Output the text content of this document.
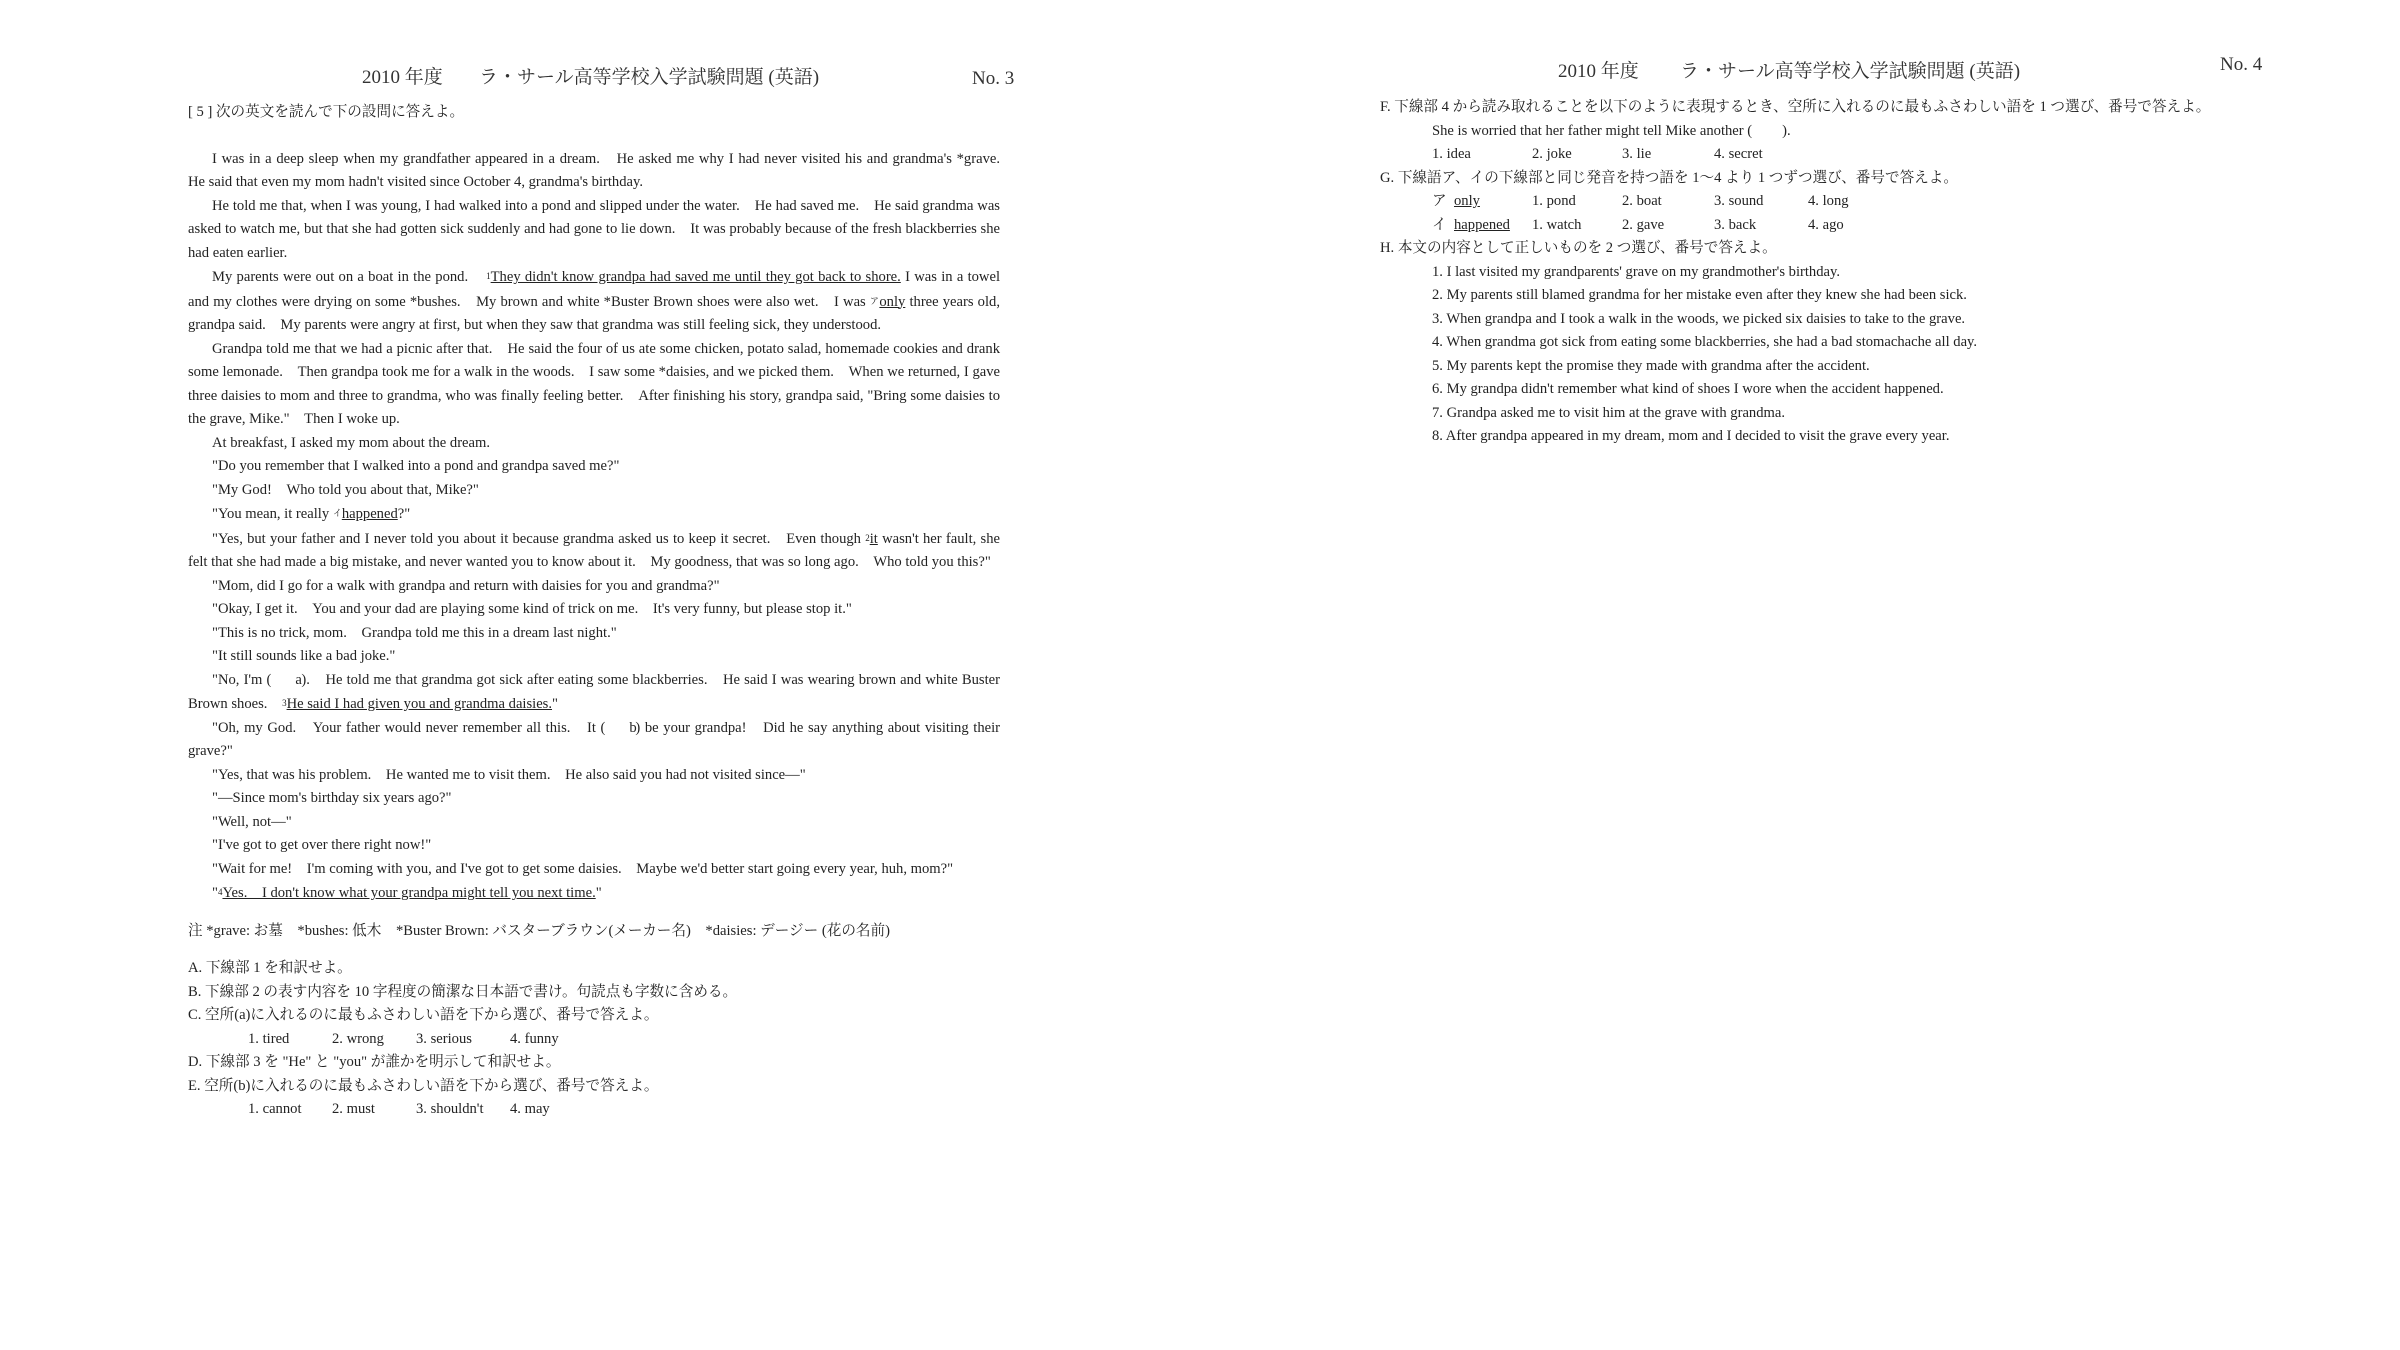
2010 年度 ラ・サール高等学校入学試験問題 (英語)	No. 3

[ 5 ] 次の英文を読んで下の設問に答えよ。

I was in a deep sleep when my grandfather appeared in a dream.　He asked me why I had never visited his and grandma's *grave.　He said that even my mom hadn't visited since October 4, grandma's birthday.

He told me that, when I was young, I had walked into a pond and slipped under the water.　He had saved me.　He said grandma was asked to watch me, but that she had gotten sick suddenly and had gone to lie down.　It was probably because of the fresh blackberries she had eaten earlier.

My parents were out on a boat in the pond. $^1$They didn't know grandpa had saved me until they got back to shore. I was in a towel and my clothes were drying on some *bushes.　My brown and white *Buster Brown shoes were also wet.　I was $^ア$only three years old, grandpa said.　My parents were angry at first, but when they saw that grandma was still feeling sick, they understood.

Grandpa told me that we had a picnic after that.　He said the four of us ate some chicken, potato salad, homemade cookies and drank some lemonade.　Then grandpa took me for a walk in the woods.　I saw some *daisies, and we picked them.　When we returned, I gave three daisies to mom and three to grandma, who was finally feeling better.　After finishing his story, grandpa said, "Bring some daisies to the grave, Mike."　Then I woke up.

At breakfast, I asked my mom about the dream.

"Do you remember that I walked into a pond and grandpa saved me?"

"My God!　Who told you about that, Mike?"

"You mean, it really $^イ$happened?"

"Yes, but your father and I never told you about it because grandma asked us to keep it secret.　Even though $^2$it wasn't her fault, she felt that she had made a big mistake, and never wanted you to know about it.　My goodness, that was so long ago.　Who told you this?"

"Mom, did I go for a walk with grandpa and return with daisies for you and grandma?"

"Okay, I get it.　You and your dad are playing some kind of trick on me.　It's very funny, but please stop it."

"This is no trick, mom.　Grandpa told me this in a dream last night."

"It still sounds like a bad joke."

"No, I'm ( a).　He told me that grandma got sick after eating some blackberries.　He said I was wearing brown and white Buster Brown shoes.　$^3$He said I had given you and grandma daisies."

"Oh, my God.　Your father would never remember all this.　It ( b) be your grandpa!　Did he say anything about visiting their grave?"

"Yes, that was his problem.　He wanted me to visit them.　He also said you had not visited since—"

"—Since mom's birthday six years ago?"

"Well, not—"

"I've got to get over there right now!"

"Wait for me!　I'm coming with you, and I've got to get some daisies.　Maybe we'd better start going every year, huh, mom?"

"$^4$Yes.　I don't know what your grandpa might tell you next time."

注 *grave: お墓　*bushes: 低木　*Buster Brown: バスターブラウン(メーカー名)　*daisies: デージー (花の名前)

A. 下線部 1 を和訳せよ。

B. 下線部 2 の表す内容を 10 字程度の簡潔な日本語で書け。句読点も字数に含める。

C. 空所(a)に入れるのに最もふさわしい語を下から選び、番号で答えよ。

1. tired	2. wrong 3. serious	4. funny

D. 下線部 3 を "He" と "you" が誰かを明示して和訳せよ。

E. 空所(b)に入れるのに最もふさわしい語を下から選び、番号で答えよ。

1. cannot 2. must	3. shouldn't 4. may

2010 年度 ラ・サール高等学校入学試験問題 (英語)	No. 4

F. 下線部 4 から読み取れることを以下のように表現するとき、空所に入れるのに最もふさわしい語を 1 つ選び、番号で答えよ。

She is worried that her father might tell Mike another ( ).

1. idea	2. joke	3. lie	4. secret

G. 下線語ア、イの下線部と同じ発音を持つ語を 1～4 より 1 つずつ選び、番号で答えよ。

ア only	1. pond	2. boat	3. sound	4. long

イ happened 1. watch	2. gave	3. back	4. ago

H. 本文の内容として正しいものを 2 つ選び、番号で答えよ。

1. I last visited my grandparents' grave on my grandmother's birthday.

2. My parents still blamed grandma for her mistake even after they knew she had been sick.

3. When grandpa and I took a walk in the woods, we picked six daisies to take to the grave.

4. When grandma got sick from eating some blackberries, she had a bad stomachache all day.

5. My parents kept the promise they made with grandma after the accident.

6. My grandpa didn't remember what kind of shoes I wore when the accident happened.

7. Grandpa asked me to visit him at the grave with grandma.

8. After grandpa appeared in my dream, mom and I decided to visit the grave every year.
